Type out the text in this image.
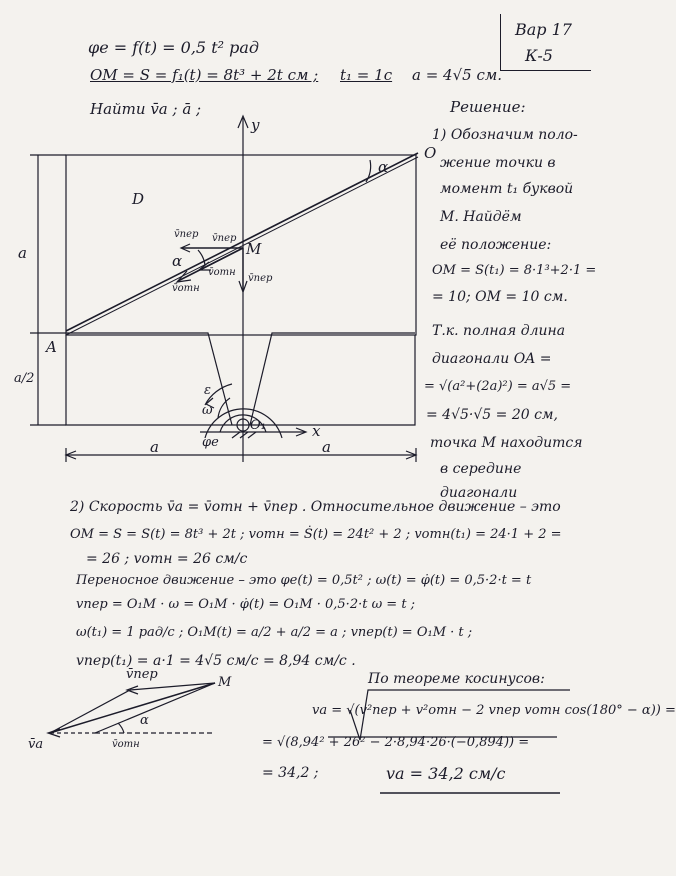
φe = f(t) = 0,5 t² рад
OM = S = f₁(t) = 8t³ + 2t см ; t₁ = 1с a = 4√5 см.
Найти v̄a ; ā ;
Вар 17
К-5
Решение:
D
O
A
M
O₁	x
y
a
a/2
a	a
α
α
v̄пер v̄пер
v̄отн
v̄отн
v̄пер
ε
ω
φe
1) Обозначим поло-
жение точки в
момент t₁ буквой
M. Найдём
её положение:
OM = S(t₁) = 8·1³+2·1 =
= 10; OM = 10 см.
Т.к. полная длина
диагонали OA =
= √(a²+(2a)²) = a√5 =
= 4√5·√5 = 20 см,
точка M находится
в середине
диагонали
2) Скорость v̄a = v̄отн + v̄пер . Относительное движение – это
OM = S = S(t) = 8t³ + 2t ; vотн = Ṡ(t) = 24t² + 2 ; vотн(t₁) = 24·1 + 2 =
= 26 ; vотн = 26 см/с
Переносное движение – это φe(t) = 0,5t² ; ω(t) = φ̇(t) = 0,5·2·t = t
vпер = O₁M · ω = O₁M · φ̇(t) = O₁M · 0,5·2·t ω = t ;
ω(t₁) = 1 рад/с ; O₁M(t) = a/2 + a/2 = a ; vпер(t) = O₁M · t ;
vпер(t₁) = a·1 = 4√5 см/с = 8,94 см/с .
v̄пер
M
v̄a	v̄отн
α
По теореме косинусов:
va = √(v²пер + v²отн − 2 vпер vотн cos(180° − α)) =
= √(8,94² + 26² − 2·8,94·26·(−0,894)) =
= 34,2 ;	va = 34,2 см/с
